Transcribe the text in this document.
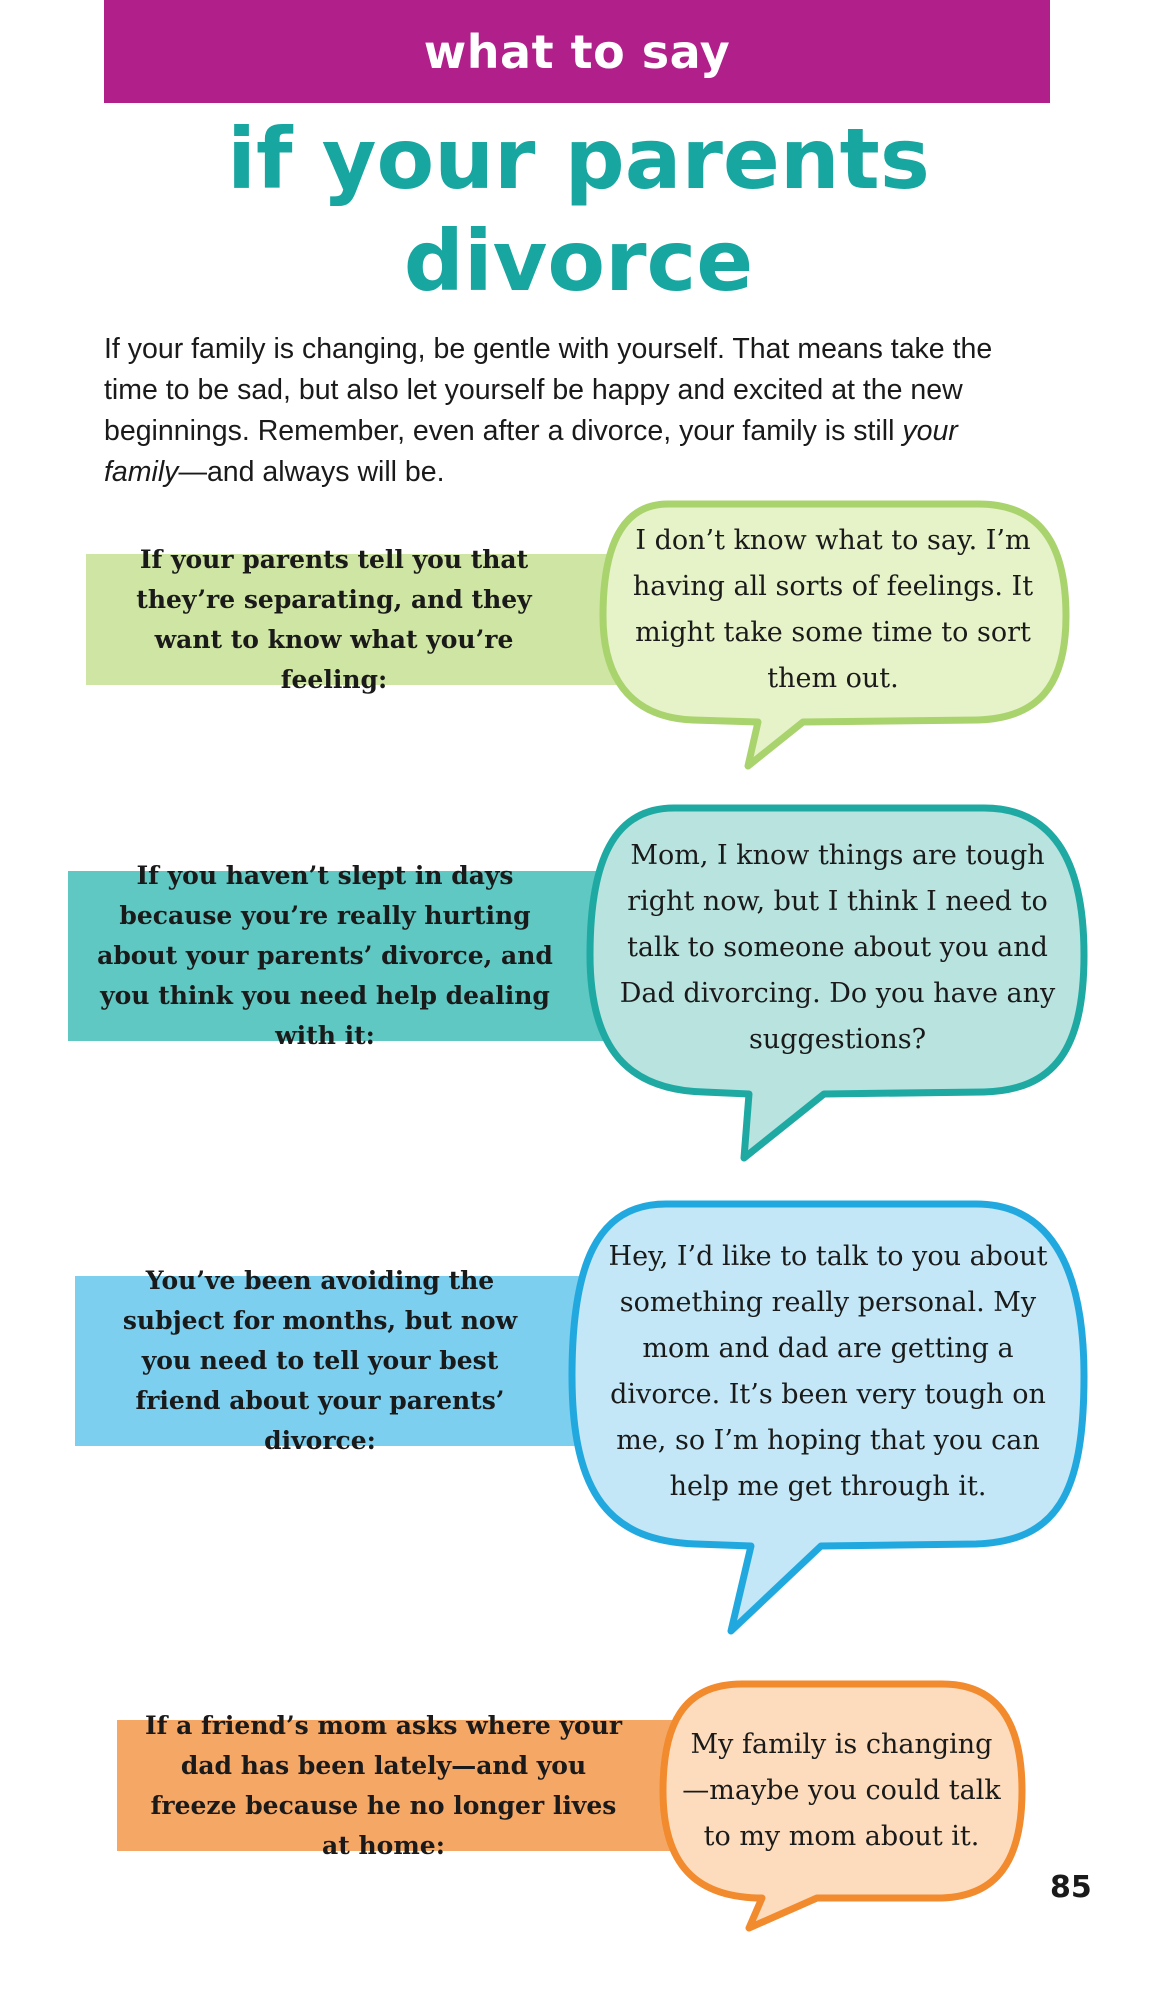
what to say
if your parents
divorce

If your family is changing, be gentle with yourself. That means take the time to be sad, but also let yourself be happy and excited at the new beginnings. Remember, even after a divorce, your family is still your family—and always will be.

If your parents tell you that they’re separating, and they want to know what you’re feeling:
I don’t know what to say. I’m having all sorts of feelings. It might take some time to sort them out.
If you haven’t slept in days because you’re really hurting about your parents’ divorce, and you think you need help dealing with it:
Mom, I know things are tough right now, but I think I need to talk to someone about you and Dad divorcing. Do you have any suggestions?
You’ve been avoiding the subject for months, but now you need to tell your best friend about your parents’ divorce:
Hey, I’d like to talk to you about something really personal. My mom and dad are getting a divorce. It’s been very tough on me, so I’m hoping that you can help me get through it.
If a friend’s mom asks where your dad has been lately—and you freeze because he no longer lives at home:
My family is changing—maybe you could talk to my mom about it.
85
